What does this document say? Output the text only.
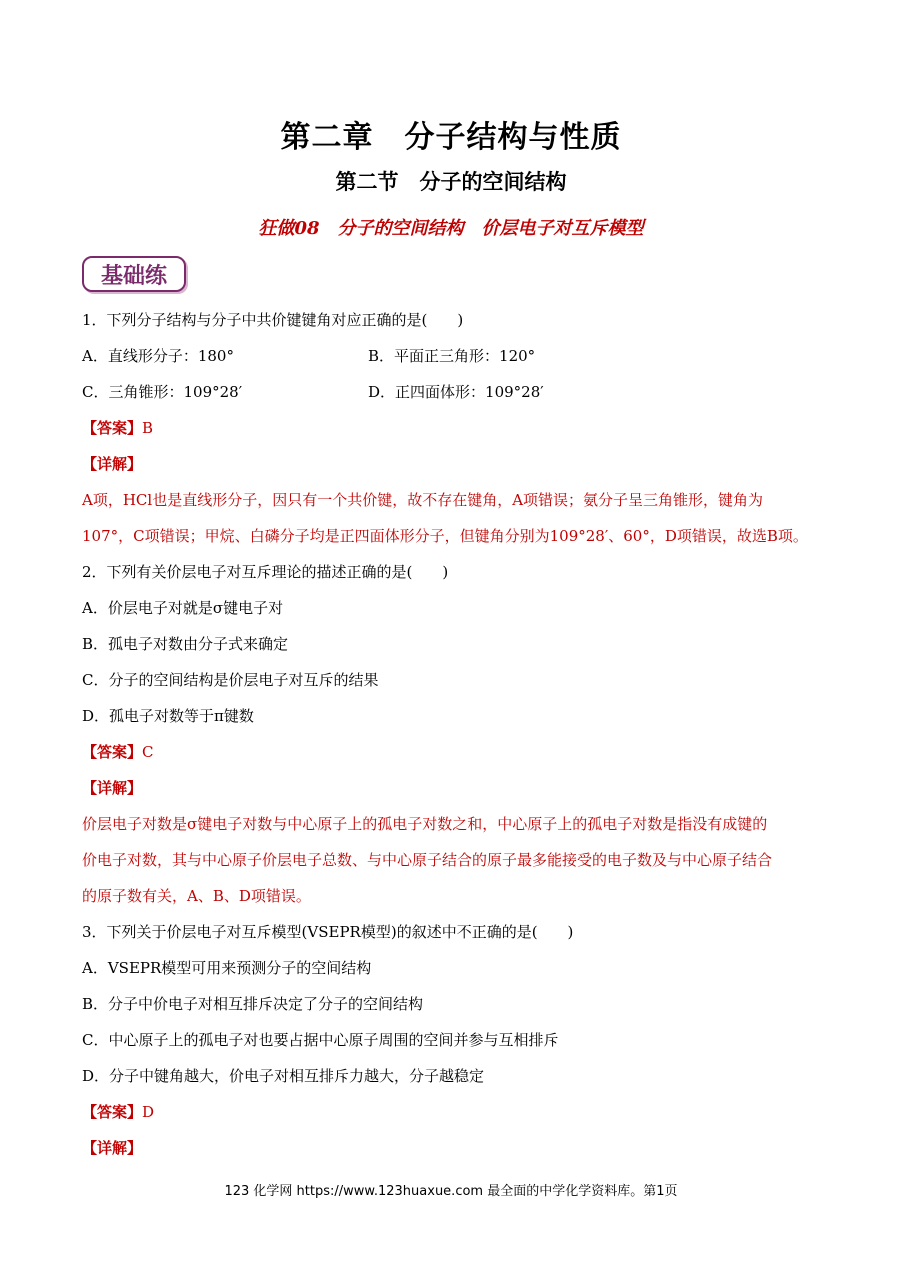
第二章　分子结构与性质
第二节　分子的空间结构
狂做08　分子的空间结构　价层电子对互斥模型
基础练
1．下列分子结构与分子中共价键键角对应正确的是(　　)
A．直线形分子：180°	B．平面正三角形：120°
C．三角锥形：109°28′	D．正四面体形：109°28′
【答案】B
【详解】
A项，HCl也是直线形分子，因只有一个共价键，故不存在键角，A项错误；氨分子呈三角锥形，键角为
107°，C项错误；甲烷、白磷分子均是正四面体形分子，但键角分别为109°28′、60°，D项错误，故选B项。
2．下列有关价层电子对互斥理论的描述正确的是(　　)
A．价层电子对就是σ键电子对
B．孤电子对数由分子式来确定
C．分子的空间结构是价层电子对互斥的结果
D．孤电子对数等于π键数
【答案】C
【详解】
价层电子对数是σ键电子对数与中心原子上的孤电子对数之和，中心原子上的孤电子对数是指没有成键的
价电子对数，其与中心原子价层电子总数、与中心原子结合的原子最多能接受的电子数及与中心原子结合
的原子数有关，A、B、D项错误。
3．下列关于价层电子对互斥模型(VSEPR模型)的叙述中不正确的是(　　)
A．VSEPR模型可用来预测分子的空间结构
B．分子中价电子对相互排斥决定了分子的空间结构
C．中心原子上的孤电子对也要占据中心原子周围的空间并参与互相排斥
D．分子中键角越大，价电子对相互排斥力越大，分子越稳定
【答案】D
【详解】
123 化学网 https://www.123huaxue.com 最全面的中学化学资料库。第1页
